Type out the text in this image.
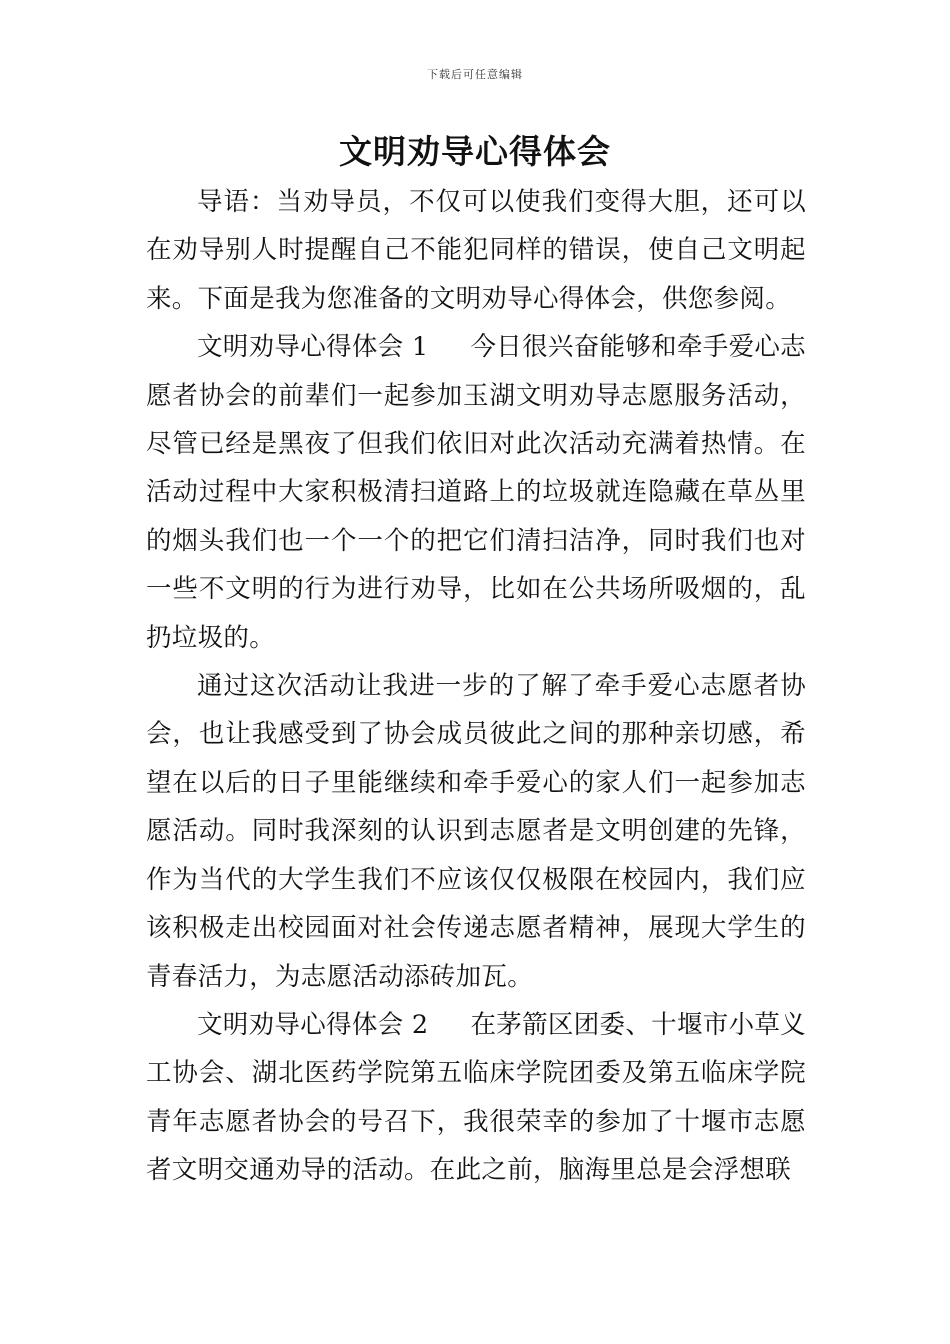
下载后可任意编辑
文明劝导心得体会

导语：当劝导员，不仅可以使我们变得大胆，还可以在劝导别人时提醒自己不能犯同样的错误，使自己文明起来。下面是我为您准备的文明劝导心得体会，供您参阅。

文明劝导心得体会 1 今日很兴奋能够和牵手爱心志愿者协会的前辈们一起参加玉湖文明劝导志愿服务活动，尽管已经是黑夜了但我们依旧对此次活动充满着热情。在活动过程中大家积极清扫道路上的垃圾就连隐藏在草丛里的烟头我们也一个一个的把它们清扫洁净，同时我们也对一些不文明的行为进行劝导，比如在公共场所吸烟的，乱扔垃圾的。

通过这次活动让我进一步的了解了牵手爱心志愿者协会，也让我感受到了协会成员彼此之间的那种亲切感，希望在以后的日子里能继续和牵手爱心的家人们一起参加志愿活动。同时我深刻的认识到志愿者是文明创建的先锋，作为当代的大学生我们不应该仅仅极限在校园内，我们应该积极走出校园面对社会传递志愿者精神，展现大学生的青春活力，为志愿活动添砖加瓦。

文明劝导心得体会 2 在茅箭区团委、十堰市小草义工协会、湖北医药学院第五临床学院团委及第五临床学院青年志愿者协会的号召下，我很荣幸的参加了十堰市志愿者文明交通劝导的活动。在此之前，脑海里总是会浮想联
